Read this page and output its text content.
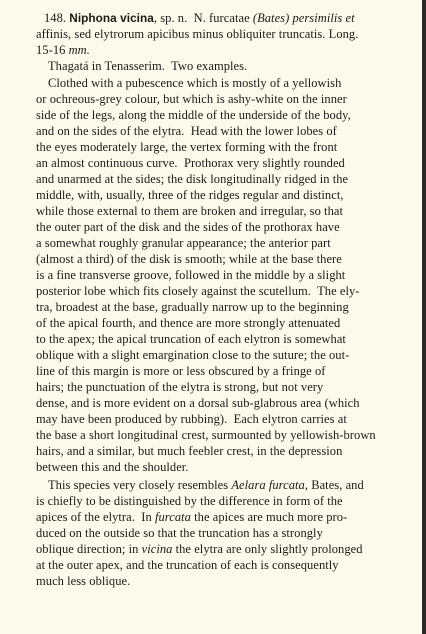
148. Niphona vicina, sp. n.  N. furcatae (Bates) persimilis et
affinis, sed elytrorum apicibus minus obliquiter truncatis. Long.
15-16 mm.
Thagatá in Tenasserim.  Two examples.
Clothed with a pubescence which is mostly of a yellowish
or ochreous-grey colour, but which is ashy-white on the inner
side of the legs, along the middle of the underside of the body,
and on the sides of the elytra.  Head with the lower lobes of
the eyes moderately large, the vertex forming with the front
an almost continuous curve.  Prothorax very slightly rounded
and unarmed at the sides; the disk longitudinally ridged in the
middle, with, usually, three of the ridges regular and distinct,
while those external to them are broken and irregular, so that
the outer part of the disk and the sides of the prothorax have
a somewhat roughly granular appearance; the anterior part
(almost a third) of the disk is smooth; while at the base there
is a fine transverse groove, followed in the middle by a slight
posterior lobe which fits closely against the scutellum.  The ely-
tra, broadest at the base, gradually narrow up to the beginning
of the apical fourth, and thence are more strongly attenuated
to the apex; the apical truncation of each elytron is somewhat
oblique with a slight emargination close to the suture; the out-
line of this margin is more or less obscured by a fringe of
hairs; the punctuation of the elytra is strong, but not very
dense, and is more evident on a dorsal sub-glabrous area (which
may have been produced by rubbing).  Each elytron carries at
the base a short longitudinal crest, surmounted by yellowish-brown
hairs, and a similar, but much feebler crest, in the depression
between this and the shoulder.
This species very closely resembles Aelara furcata, Bates, and
is chiefly to be distinguished by the difference in form of the
apices of the elytra.  In furcata the apices are much more pro-
duced on the outside so that the truncation has a strongly
oblique direction; in vicina the elytra are only slightly prolonged
at the outer apex, and the truncation of each is consequently
much less oblique.
